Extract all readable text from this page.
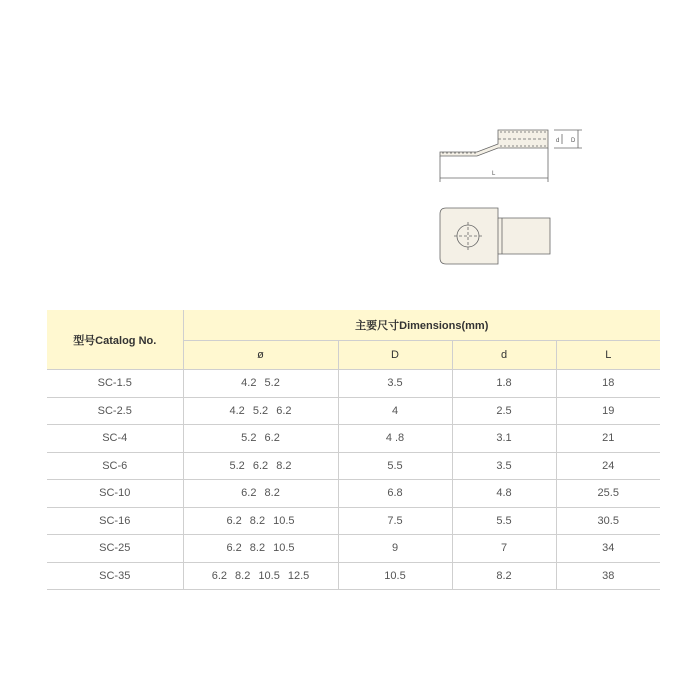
L
D
d
型号Catalog No.	主要尺寸Dimensions(mm)			
	ø	D	d	L
SC-1.5	4.2 5.2	3.5	1.8	18
SC-2.5	4.2 5.2 6.2	4	2.5	19
SC-4	5.2 6.2	4 .8	3.1	21
SC-6	5.2 6.2 8.2	5.5	3.5	24
SC-10	6.2 8.2	6.8	4.8	25.5
SC-16	6.2 8.2 10.5	7.5	5.5	30.5
SC-25	6.2 8.2 10.5	9	7	34
SC-35	6.2 8.2 10.5 12.5	10.5	8.2	38
